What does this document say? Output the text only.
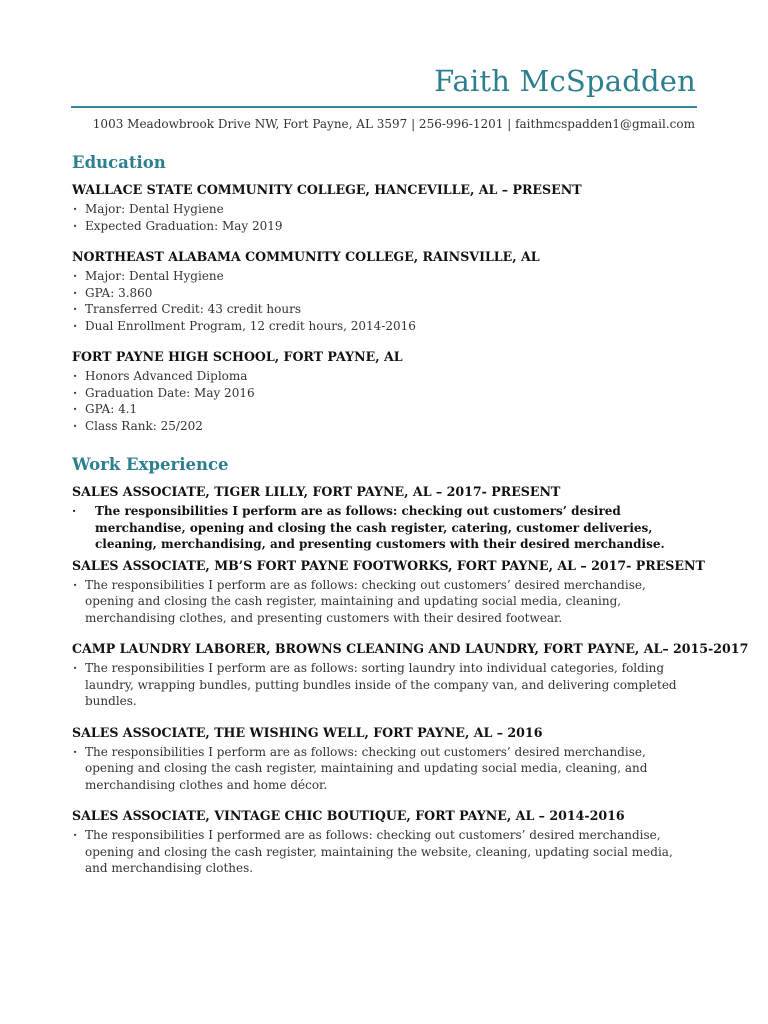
Faith McSpadden
1003 Meadowbrook Drive NW, Fort Payne, AL 3597 | 256-996-1201 | faithmcspadden1@gmail.com
Education
WALLACE STATE COMMUNITY COLLEGE, HANCEVILLE, AL – PRESENT
· Major: Dental Hygiene
· Expected Graduation: May 2019
NORTHEAST ALABAMA COMMUNITY COLLEGE, RAINSVILLE, AL
· Major: Dental Hygiene
· GPA: 3.860
· Transferred Credit: 43 credit hours
· Dual Enrollment Program, 12 credit hours, 2014-2016
FORT PAYNE HIGH SCHOOL, FORT PAYNE, AL
· Honors Advanced Diploma
· Graduation Date: May 2016
· GPA: 4.1
· Class Rank: 25/202
Work Experience
SALES ASSOCIATE, TIGER LILLY, FORT PAYNE, AL – 2017- PRESENT
· The responsibilities I perform are as follows: checking out customers’ desired merchandise, opening and closing the cash register, catering, customer deliveries, cleaning, merchandising, and presenting customers with their desired merchandise.
SALES ASSOCIATE, MB’S FORT PAYNE FOOTWORKS, FORT PAYNE, AL – 2017- PRESENT
· The responsibilities I perform are as follows: checking out customers’ desired merchandise, opening and closing the cash register, maintaining and updating social media, cleaning, merchandising clothes, and presenting customers with their desired footwear.
CAMP LAUNDRY LABORER, BROWNS CLEANING AND LAUNDRY, FORT PAYNE, AL– 2015-2017
· The responsibilities I perform are as follows: sorting laundry into individual categories, folding laundry, wrapping bundles, putting bundles inside of the company van, and delivering completed bundles.
SALES ASSOCIATE, THE WISHING WELL, FORT PAYNE, AL – 2016
· The responsibilities I perform are as follows: checking out customers’ desired merchandise, opening and closing the cash register, maintaining and updating social media, cleaning, and merchandising clothes and home décor.
SALES ASSOCIATE, VINTAGE CHIC BOUTIQUE, FORT PAYNE, AL – 2014-2016
· The responsibilities I performed are as follows: checking out customers’ desired merchandise, opening and closing the cash register, maintaining the website, cleaning, updating social media, and merchandising clothes.
